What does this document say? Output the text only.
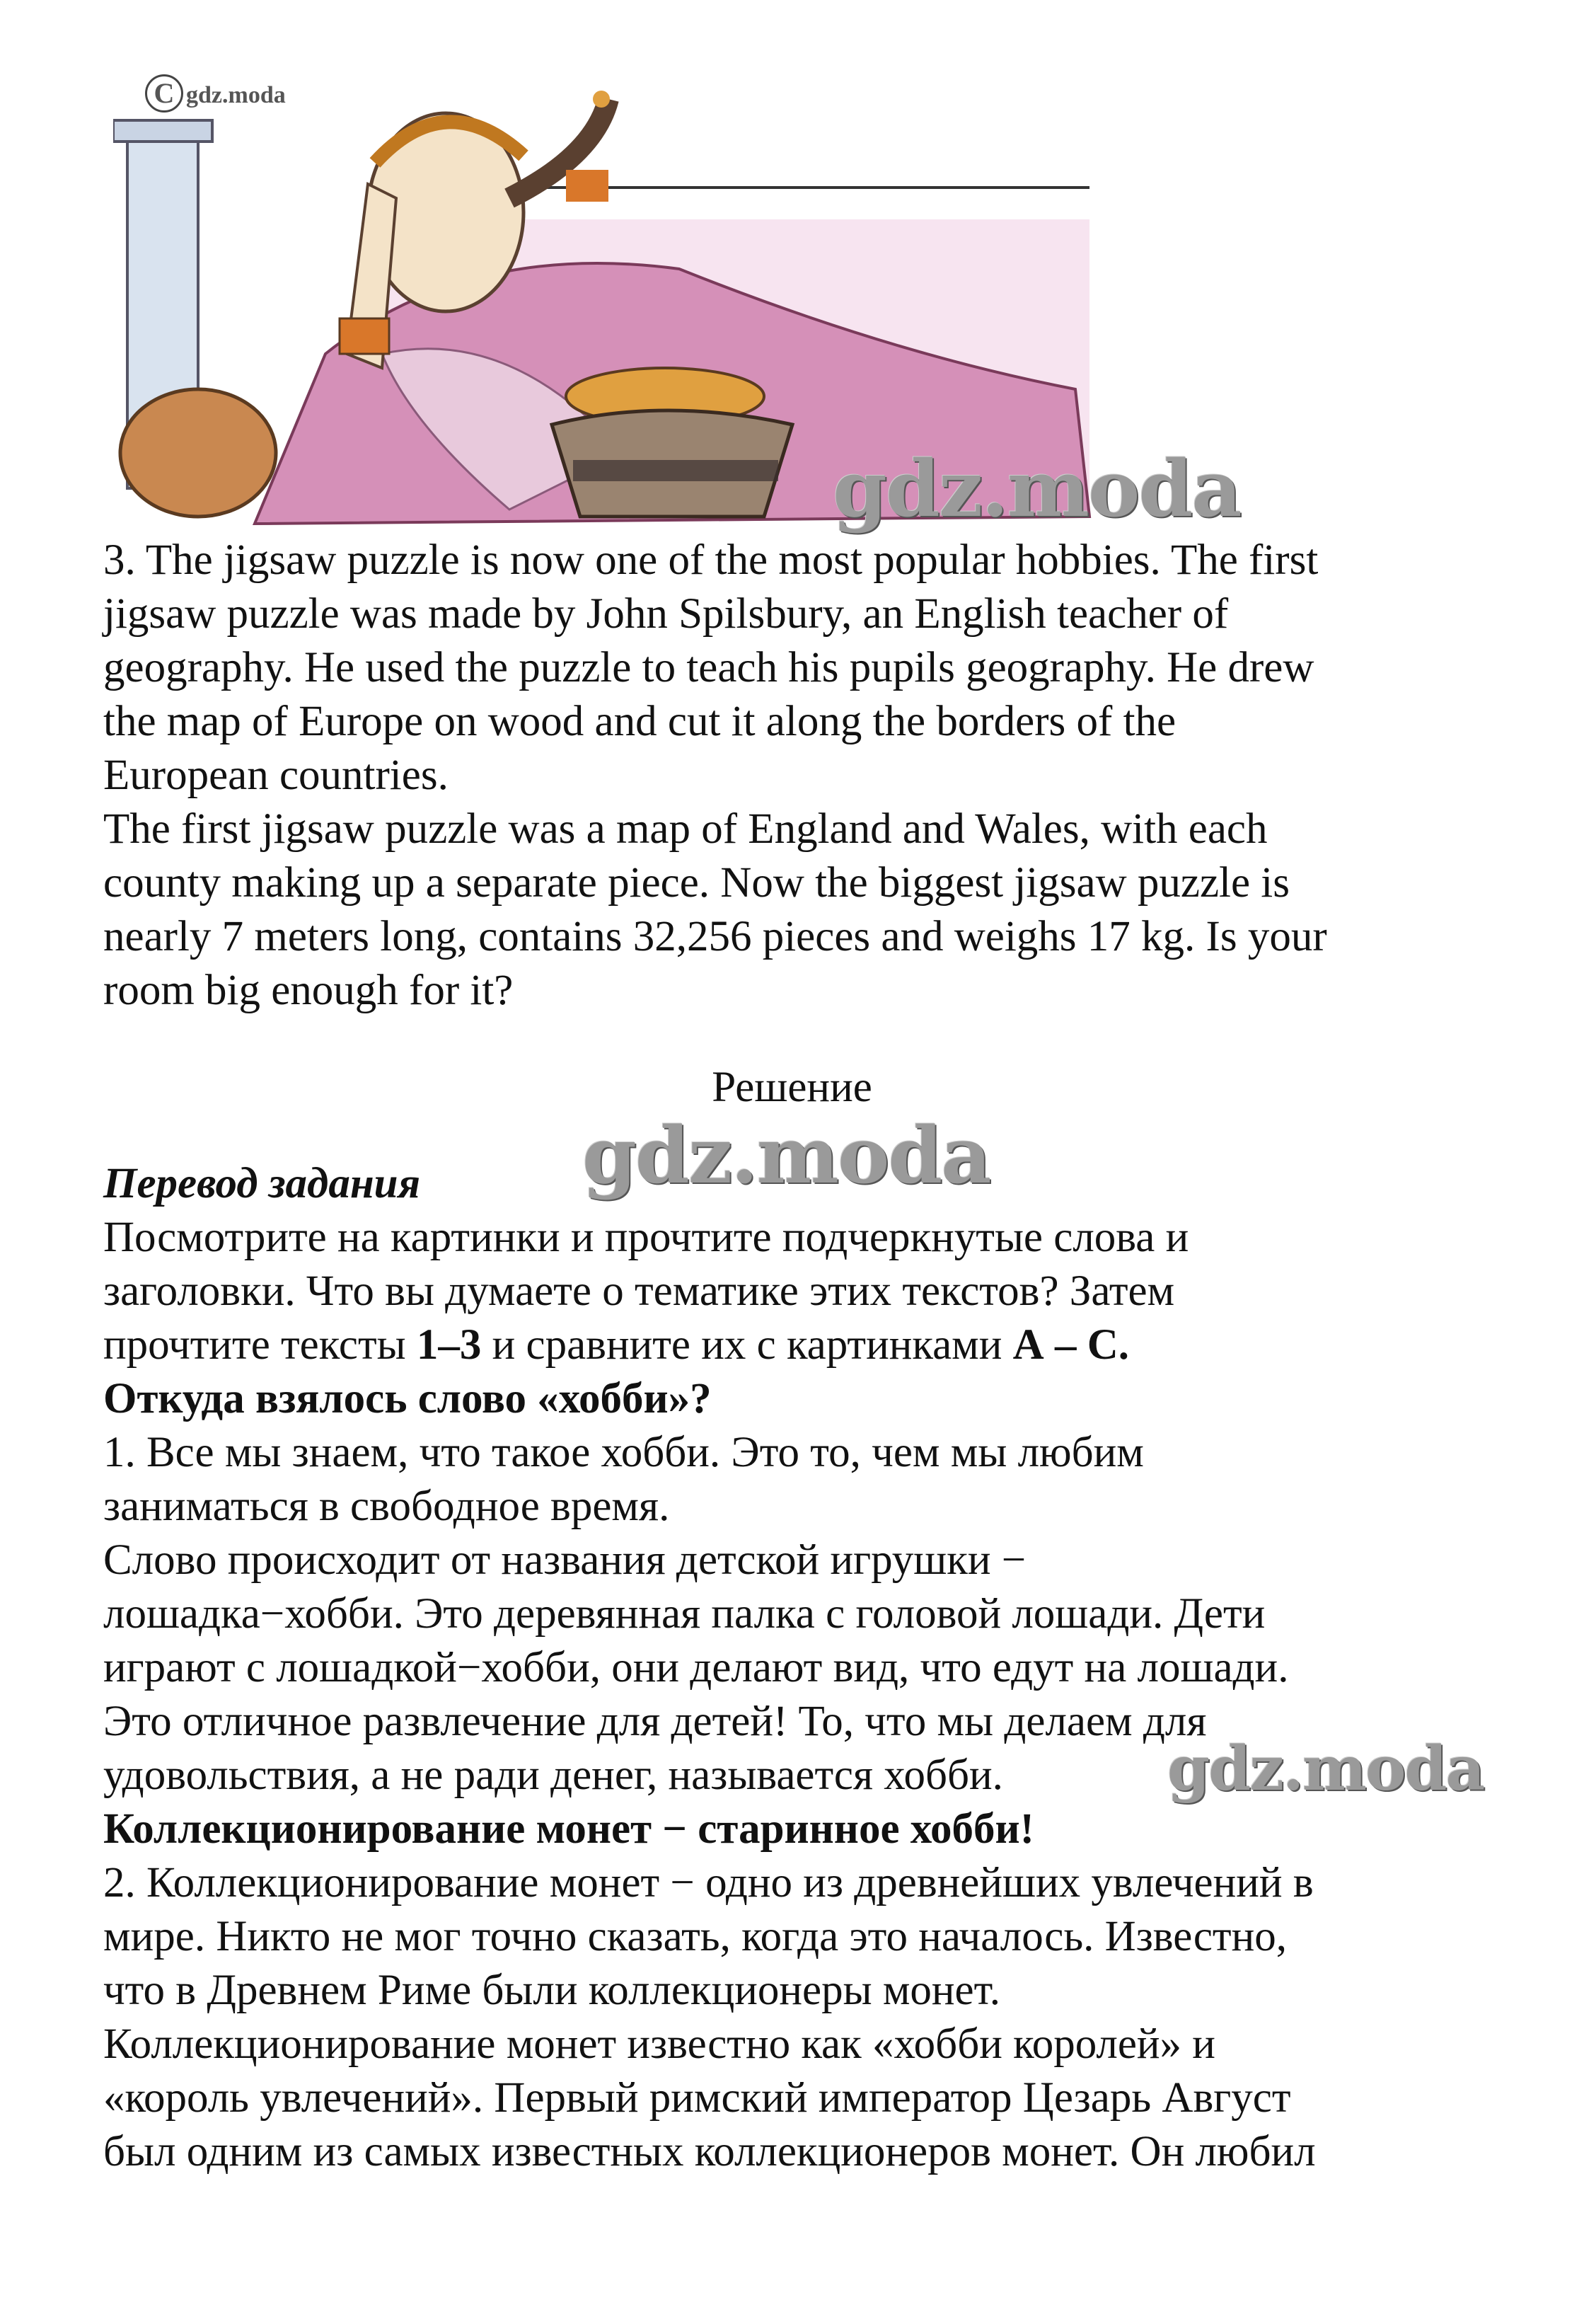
C gdz.moda
gdz.moda
gdz.moda
gdz.moda
3. The jigsaw puzzle is now one of the most popular hobbies. The first
jigsaw puzzle was made by John Spilsbury, an English teacher of
geography. He used the puzzle to teach his pupils geography. He drew
the map of Europe on wood and cut it along the borders of the
European countries.
The first jigsaw puzzle was a map of England and Wales, with each
county making up a separate piece. Now the biggest jigsaw puzzle is
nearly 7 meters long, contains 32,256 pieces and weighs 17 kg. Is your
room big enough for it?
Решение
Перевод задания
Посмотрите на картинки и прочтите подчеркнутые слова и
заголовки. Что вы думаете о тематике этих текстов? Затем
прочтите тексты 1–3 и сравните их с картинками А – С.
Откуда взялось слово «хобби»?
1. Все мы знаем, что такое хобби. Это то, чем мы любим
заниматься в свободное время.
Слово происходит от названия детской игрушки −
лошадка−хобби. Это деревянная палка с головой лошади. Дети
играют с лошадкой−хобби, они делают вид, что едут на лошади.
Это отличное развлечение для детей! То, что мы делаем для
удовольствия, а не ради денег, называется хобби.
Коллекционирование монет − старинное хобби!
2. Коллекционирование монет − одно из древнейших увлечений в
мире. Никто не мог точно сказать, когда это началось. Известно,
что в Древнем Риме были коллекционеры монет.
Коллекционирование монет известно как «хобби королей» и
«король увлечений». Первый римский император Цезарь Август
был одним из самых известных коллекционеров монет. Он любил
